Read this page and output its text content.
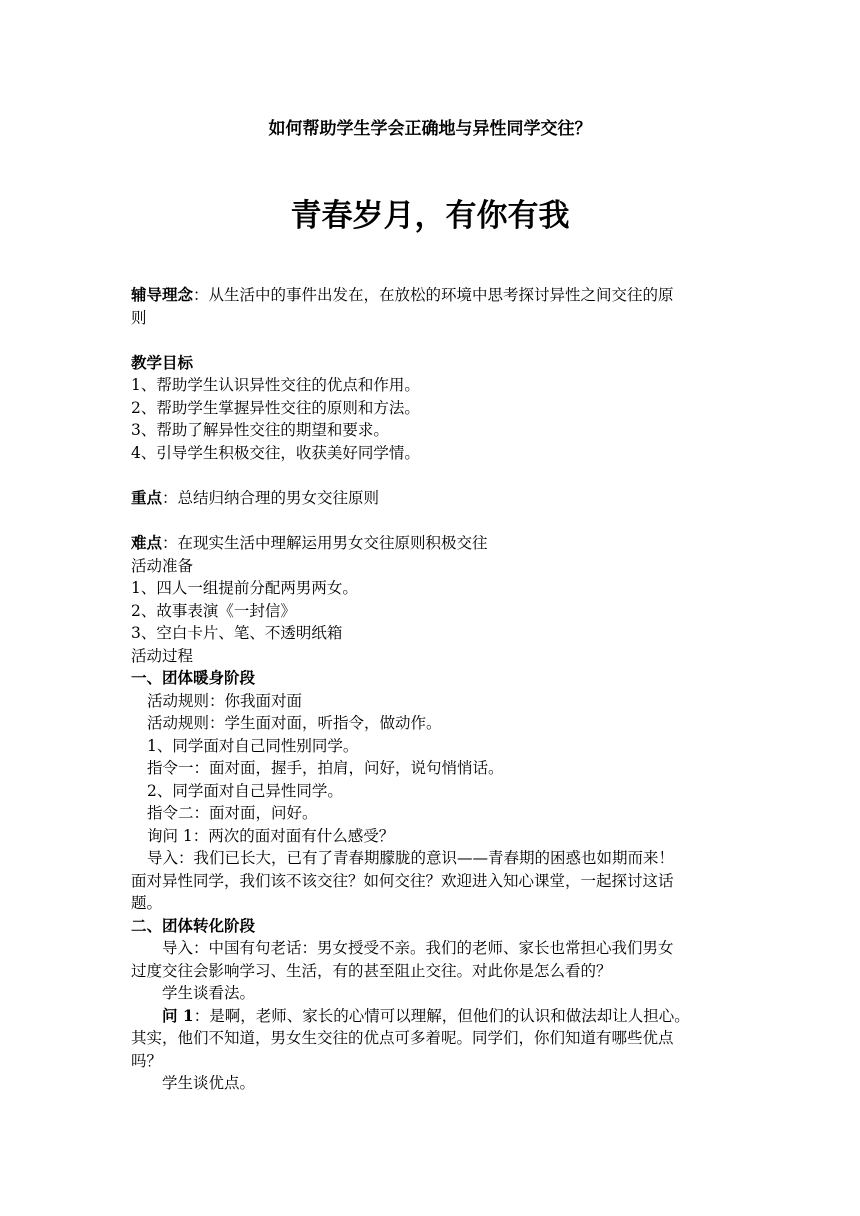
如何帮助学生学会正确地与异性同学交往？
青春岁月，有你有我
辅导理念：从生活中的事件出发在，在放松的环境中思考探讨异性之间交往的原
则
教学目标
1、帮助学生认识异性交往的优点和作用。
2、帮助学生掌握异性交往的原则和方法。
3、帮助了解异性交往的期望和要求。
4、引导学生积极交往，收获美好同学情。
重点：总结归纳合理的男女交往原则
难点：在现实生活中理解运用男女交往原则积极交往
活动准备
1、四人一组提前分配两男两女。
2、故事表演《一封信》
3、空白卡片、笔、不透明纸箱
活动过程
一、团体暖身阶段
活动规则：你我面对面
活动规则：学生面对面，听指令，做动作。
1、同学面对自己同性别同学。
指令一：面对面，握手，拍肩，问好，说句悄悄话。
2、同学面对自己异性同学。
指令二：面对面，问好。
询问 1：两次的面对面有什么感受？
导入：我们已长大，已有了青春期朦胧的意识——青春期的困惑也如期而来！
面对异性同学，我们该不该交往？如何交往？欢迎进入知心课堂，一起探讨这话
题。
二、团体转化阶段
导入：中国有句老话：男女授受不亲。我们的老师、家长也常担心我们男女
过度交往会影响学习、生活，有的甚至阻止交往。对此你是怎么看的？
学生谈看法。
问 1：是啊，老师、家长的心情可以理解，但他们的认识和做法却让人担心。
其实，他们不知道，男女生交往的优点可多着呢。同学们，你们知道有哪些优点
吗？
学生谈优点。
